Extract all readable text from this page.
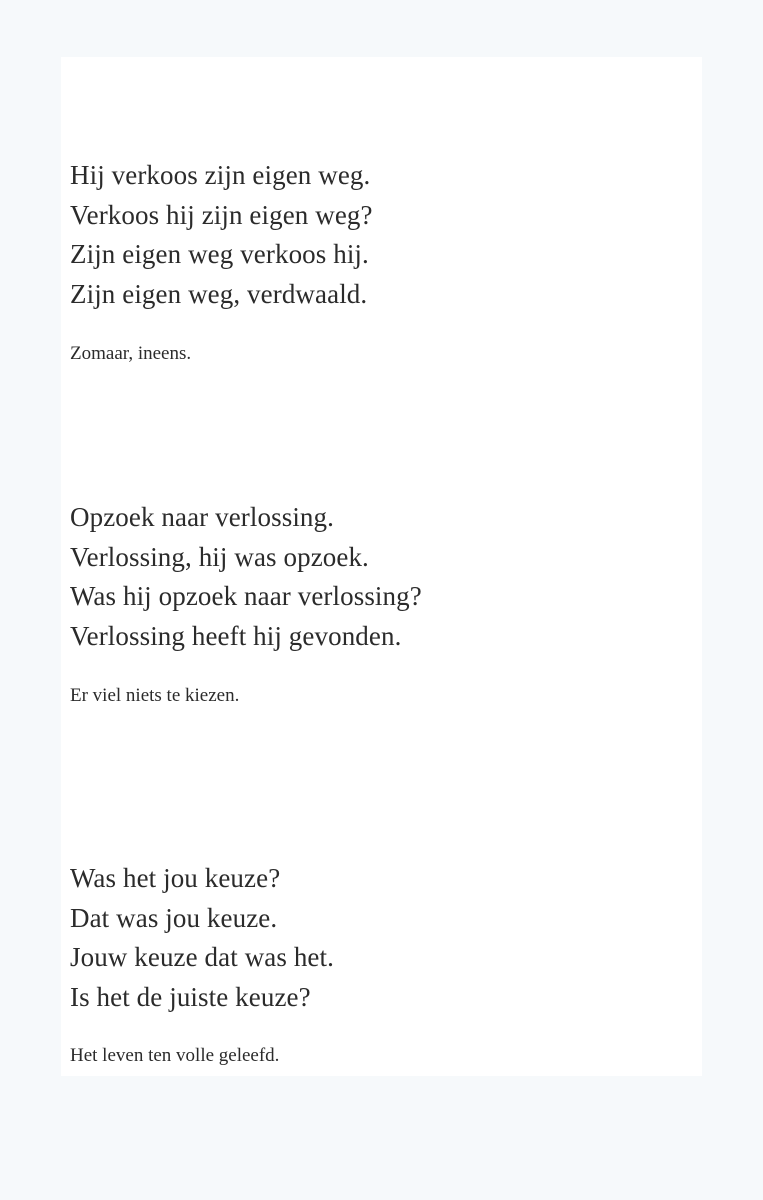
Hij verkoos zijn eigen weg.
Verkoos hij zijn eigen weg?
Zijn eigen weg verkoos hij.
Zijn eigen weg, verdwaald.

Zomaar, ineens.

Opzoek naar verlossing.
Verlossing, hij was opzoek.
Was hij opzoek naar verlossing?
Verlossing heeft hij gevonden.

Er viel niets te kiezen.

Was het jou keuze?
Dat was jou keuze.
Jouw keuze dat was het.
Is het de juiste keuze?

Het leven ten volle geleefd.
